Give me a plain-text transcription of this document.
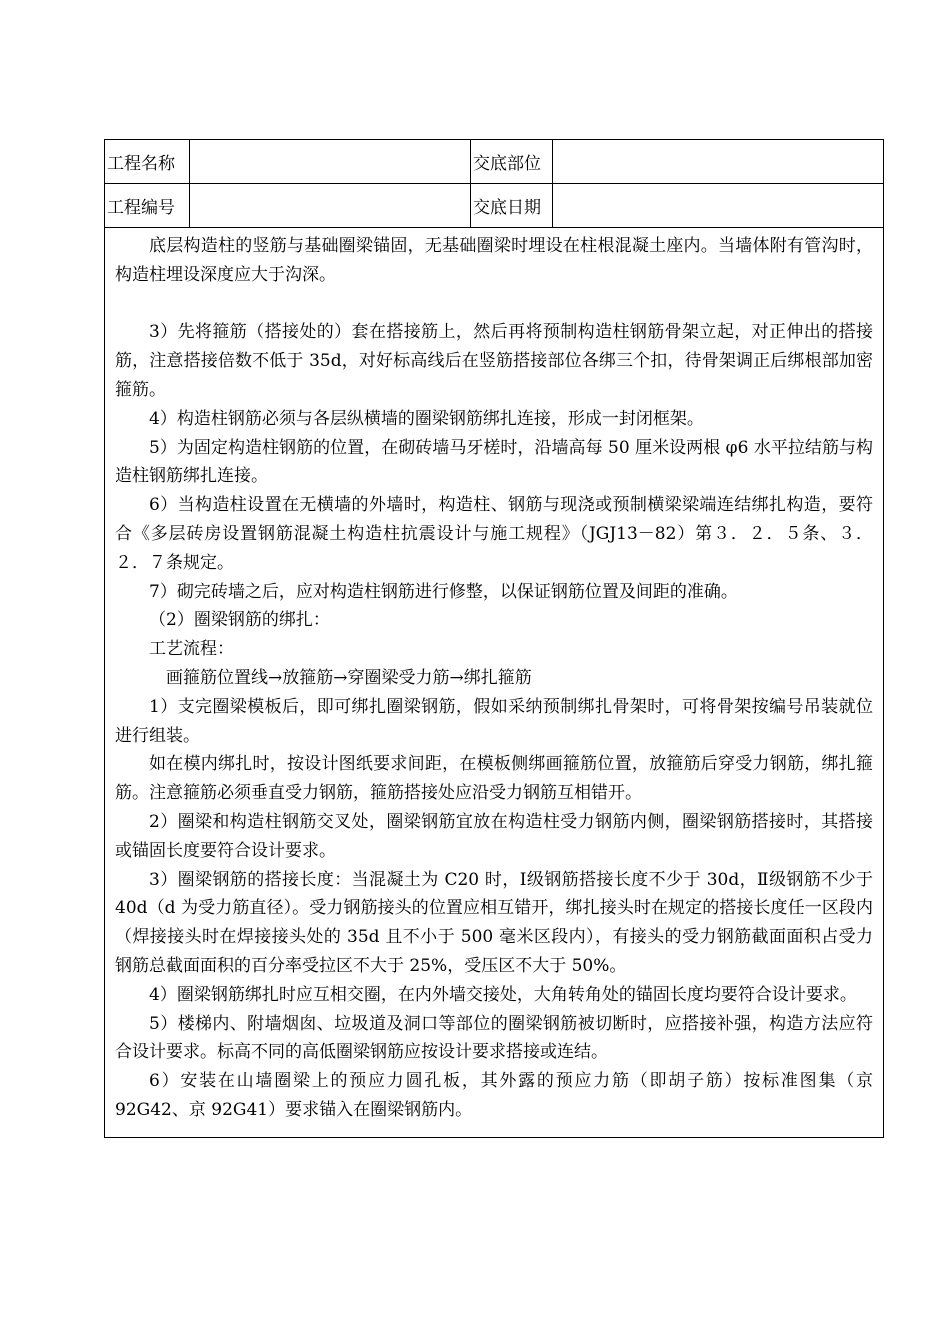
工程名称	交底部位
工程编号	交底日期

底层构造柱的竖筋与基础圈梁锚固，无基础圈梁时埋设在柱根混凝土座内。当墙体附有管沟时，构造柱埋设深度应大于沟深。

3）先将箍筋（搭接处的）套在搭接筋上，然后再将预制构造柱钢筋骨架立起，对正伸出的搭接筋，注意搭接倍数不低于 35d，对好标高线后在竖筋搭接部位各绑三个扣，待骨架调正后绑根部加密箍筋。

4）构造柱钢筋必须与各层纵横墙的圈梁钢筋绑扎连接，形成一封闭框架。

5）为固定构造柱钢筋的位置，在砌砖墙马牙槎时，沿墙高每 50 厘米设两根 φ6 水平拉结筋与构造柱钢筋绑扎连接。

6）当构造柱设置在无横墙的外墙时，构造柱、钢筋与现浇或预制横梁梁端连结绑扎构造，要符合《多层砖房设置钢筋混凝土构造柱抗震设计与施工规程》（JGJ13－82）第３．２．５条、３．２．７条规定。

7）砌完砖墙之后，应对构造柱钢筋进行修整，以保证钢筋位置及间距的准确。

（2）圈梁钢筋的绑扎：

工艺流程：

画箍筋位置线→放箍筋→穿圈梁受力筋→绑扎箍筋

1）支完圈梁模板后，即可绑扎圈梁钢筋，假如采纳预制绑扎骨架时，可将骨架按编号吊装就位进行组装。

如在模内绑扎时，按设计图纸要求间距，在模板侧绑画箍筋位置，放箍筋后穿受力钢筋，绑扎箍筋。注意箍筋必须垂直受力钢筋，箍筋搭接处应沿受力钢筋互相错开。

2）圈梁和构造柱钢筋交叉处，圈梁钢筋宜放在构造柱受力钢筋内侧，圈梁钢筋搭接时，其搭接或锚固长度要符合设计要求。

3）圈梁钢筋的搭接长度：当混凝土为 C20 时，Ⅰ级钢筋搭接长度不少于 30d，Ⅱ级钢筋不少于 40d（d 为受力筋直径）。受力钢筋接头的位置应相互错开，绑扎接头时在规定的搭接长度任一区段内（焊接接头时在焊接接头处的 35d 且不小于 500 毫米区段内），有接头的受力钢筋截面面积占受力钢筋总截面面积的百分率受拉区不大于 25%，受压区不大于 50%。

4）圈梁钢筋绑扎时应互相交圈，在内外墙交接处，大角转角处的锚固长度均要符合设计要求。

5）楼梯内、附墙烟囱、垃圾道及洞口等部位的圈梁钢筋被切断时，应搭接补强，构造方法应符合设计要求。标高不同的高低圈梁钢筋应按设计要求搭接或连结。

6）安装在山墙圈梁上的预应力圆孔板，其外露的预应力筋（即胡子筋）按标准图集（京 92G42、京 92G41）要求锚入在圈梁钢筋内。
